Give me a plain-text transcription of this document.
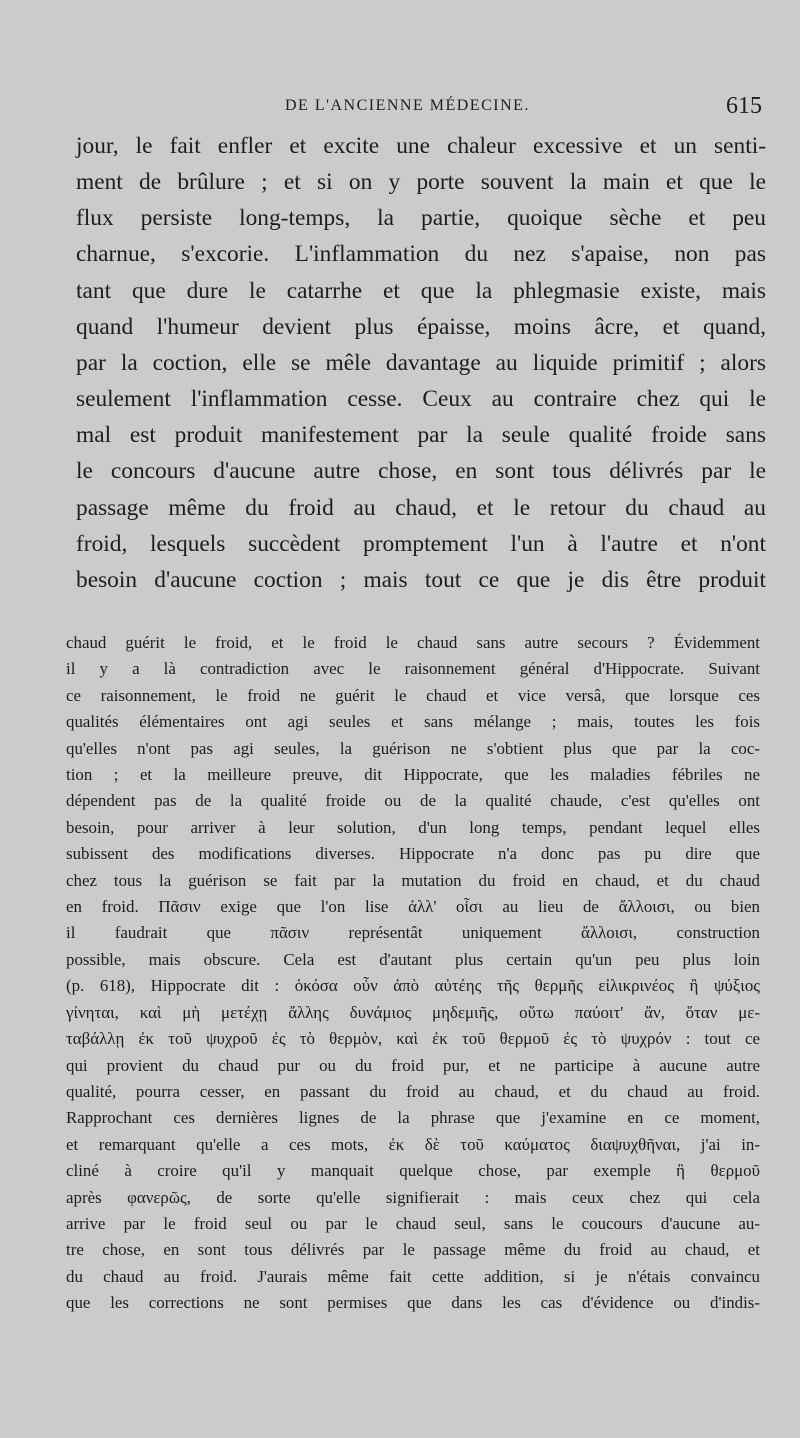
DE L'ANCIENNE MÉDECINE.	615
jour, le fait enfler et excite une chaleur excessive et un senti-
ment de brûlure ; et si on y porte souvent la main et que le
flux persiste long-temps, la partie, quoique sèche et peu
charnue, s'excorie. L'inflammation du nez s'apaise, non pas
tant que dure le catarrhe et que la phlegmasie existe, mais
quand l'humeur devient plus épaisse, moins âcre, et quand,
par la coction, elle se mêle davantage au liquide primitif ; alors
seulement l'inflammation cesse. Ceux au contraire chez qui le
mal est produit manifestement par la seule qualité froide sans
le concours d'aucune autre chose, en sont tous délivrés par le
passage même du froid au chaud, et le retour du chaud au
froid, lesquels succèdent promptement l'un à l'autre et n'ont
besoin d'aucune coction ; mais tout ce que je dis être produit
chaud guérit le froid, et le froid le chaud sans autre secours ? Évidemment
il y a là contradiction avec le raisonnement général d'Hippocrate. Suivant
ce raisonnement, le froid ne guérit le chaud et vice versâ, que lorsque ces
qualités élémentaires ont agi seules et sans mélange ; mais, toutes les fois
qu'elles n'ont pas agi seules, la guérison ne s'obtient plus que par la coc-
tion ; et la meilleure preuve, dit Hippocrate, que les maladies fébriles ne
dépendent pas de la qualité froide ou de la qualité chaude, c'est qu'elles ont
besoin, pour arriver à leur solution, d'un long temps, pendant lequel elles
subissent des modifications diverses. Hippocrate n'a donc pas pu dire que
chez tous la guérison se fait par la mutation du froid en chaud, et du chaud
en froid. Πᾶσιν exige que l'on lise ἀλλ' οἷσι au lieu de ἄλλοισι, ou bien
il faudrait que πᾶσιν représentât uniquement ἄλλοισι, construction
possible, mais obscure. Cela est d'autant plus certain qu'un peu plus loin
(p. 618), Hippocrate dit : ὁκόσα οὖν ἀπὸ αὐτέης τῆς θερμῆς εἰλικρινέος ἢ ψύξιος
γίνηται, καὶ μὴ μετέχῃ ἄλλης δυνάμιος μηδεμιῆς, οὕτω παύοιτ' ἄν, ὅταν με-
ταβάλλῃ ἐκ τοῦ ψυχροῦ ἐς τὸ θερμὸν, καὶ ἐκ τοῦ θερμοῦ ἐς τὸ ψυχρόν : tout ce
qui provient du chaud pur ou du froid pur, et ne participe à aucune autre
qualité, pourra cesser, en passant du froid au chaud, et du chaud au froid.
Rapprochant ces dernières lignes de la phrase que j'examine en ce moment,
et remarquant qu'elle a ces mots, ἐκ δὲ τοῦ καύματος διαψυχθῆναι, j'ai in-
cliné à croire qu'il y manquait quelque chose, par exemple ἢ θερμοῦ
après φανερῶς, de sorte qu'elle signifierait : mais ceux chez qui cela
arrive par le froid seul ou par le chaud seul, sans le coucours d'aucune au-
tre chose, en sont tous délivrés par le passage même du froid au chaud, et
du chaud au froid. J'aurais même fait cette addition, si je n'étais convaincu
que les corrections ne sont permises que dans les cas d'évidence ou d'indis-
